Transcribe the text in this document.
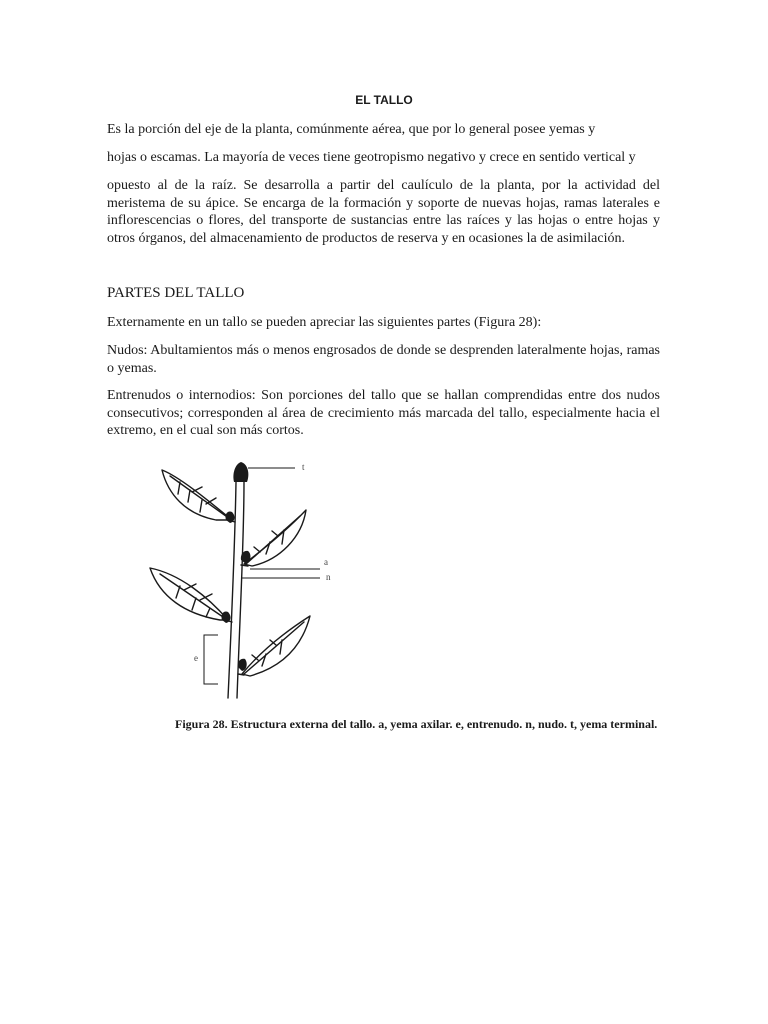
EL TALLO

Es la porción del eje de la planta, comúnmente aérea, que por lo general posee yemas y

hojas o escamas. La mayoría de veces tiene geotropismo negativo y crece en sentido vertical y

opuesto al de la raíz. Se desarrolla a partir del caulículo de la planta, por la actividad del meristema de su ápice. Se encarga de la formación y soporte de nuevas hojas, ramas laterales e inflorescencias o flores, del transporte de sustancias entre las raíces y las hojas o entre hojas y otros órganos, del almacenamiento de productos de reserva y en ocasiones la de asimilación.

PARTES DEL TALLO

Externamente en un tallo se pueden apreciar las siguientes partes (Figura 28):

Nudos: Abultamientos más o menos engrosados de donde se desprenden lateralmente hojas, ramas o yemas.

Entrenudos o internodios: Son porciones del tallo que se hallan comprendidas entre dos nudos consecutivos; corresponden al área de crecimiento más marcada del tallo, especialmente hacia el extremo, en el cual son más cortos.

t
a
n
e

Figura 28. Estructura externa del tallo. a, yema axilar. e, entrenudo. n, nudo. t, yema terminal.
